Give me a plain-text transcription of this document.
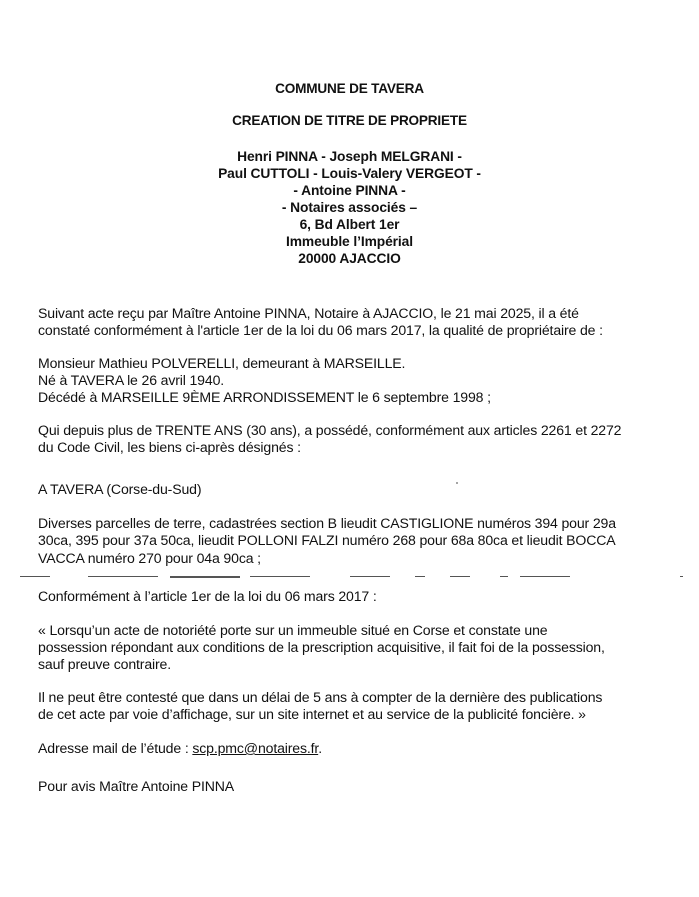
COMMUNE DE TAVERA
CREATION DE TITRE DE PROPRIETE
Henri PINNA - Joseph MELGRANI -
Paul CUTTOLI - Louis-Valery VERGEOT -
- Antoine PINNA -
- Notaires associés –
6, Bd Albert 1er
Immeuble l’Impérial
20000 AJACCIO
Suivant acte reçu par Maître Antoine PINNA, Notaire à AJACCIO, le 21 mai 2025, il a été
constaté conformément à l'article 1er de la loi du 06 mars 2017, la qualité de propriétaire de :
Monsieur Mathieu POLVERELLI, demeurant à MARSEILLE.
Né à TAVERA le 26 avril 1940.
Décédé à MARSEILLE 9ÈME ARRONDISSEMENT le 6 septembre 1998 ;
Qui depuis plus de TRENTE ANS (30 ans), a possédé, conformément aux articles 2261 et 2272
du Code Civil, les biens ci-après désignés :
A TAVERA (Corse-du-Sud)
Diverses parcelles de terre, cadastrées section B lieudit CASTIGLIONE numéros 394 pour 29a
30ca, 395 pour 37a 50ca, lieudit POLLONI FALZI numéro 268 pour 68a 80ca et lieudit BOCCA
VACCA numéro 270 pour 04a 90ca ;
Conformément à l’article 1er de la loi du 06 mars 2017 :
« Lorsqu’un acte de notoriété porte sur un immeuble situé en Corse et constate une
possession répondant aux conditions de la prescription acquisitive, il fait foi de la possession,
sauf preuve contraire.
Il ne peut être contesté que dans un délai de 5 ans à compter de la dernière des publications
de cet acte par voie d’affichage, sur un site internet et au service de la publicité foncière. »
Adresse mail de l’étude : scp.pmc@notaires.fr.
Pour avis Maître Antoine PINNA
